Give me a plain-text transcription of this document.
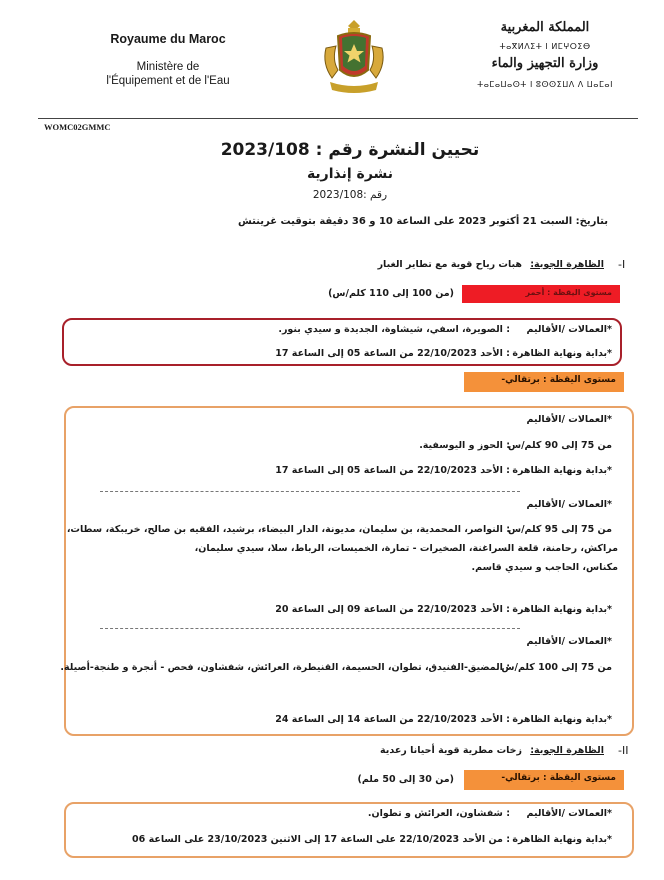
Royaume du Maroc
Ministère de
l'Équipement et de l'Eau
المملكة المغربية
ⵜⴰⴳⵍⴷⵉⵜ ⵏ ⵍⵎⵖⵔⵉⴱ
وزارة التجهيز والماء
ⵜⴰⵎⴰⵡⴰⵙⵜ ⵏ ⵓⵙⵙⵉⵡⴷ ⴷ ⵡⴰⵎⴰⵏ
WOMC02GMMC
تحيين النشرة رقم : 2023/108
نشرة إنذارية
رقم :2023/108
بتاريخ: السبت 21 أكتوبر 2023 على الساعة 10 و 36 دقيقة بتوقيت غرينتش
-I
الظاهرة الجوية:
هبات رياح قوية مع تطاير الغبار
مستوى اليقظة : أحمر
(من 100 إلى 110 كلم/س)
*العمالات /الأقاليم
: الصويرة، اسفي، شيشاوة، الجديدة و سيدي بنور.
*بداية ونهاية الظاهرة
: الأحد 22/10/2023 من الساعة 05 إلى الساعة 17
-مستوى اليقظة : برتقالي
*العمالات /الأقاليم
من 75 إلى 90 كلم/س
: الحوز و اليوسفية.
*بداية ونهاية الظاهرة
: الأحد 22/10/2023 من الساعة 05 إلى الساعة 17
*العمالات /الأقاليم
من 75 إلى 95 كلم/س
: النواصر، المحمدية، بن سليمان، مديونة، الدار البيضاء، برشيد، الفقيه بن صالح، خريبكة، سطات،
مراكش، رحامنة، قلعة السراغنة، الصخيرات - تمارة، الخميسات، الرباط، سلا، سيدي سليمان،
مكناس، الحاجب و سيدي قاسم.
*بداية ونهاية الظاهرة
: الأحد 22/10/2023 من الساعة 09 إلى الساعة 20
*العمالات /الأقاليم
من 75 إلى 100 كلم/س
: المضيق-الفنيدق، تطوان، الحسيمة، القنيطرة، العرائش، شفشاون، فحص - أنجرة و طنجة-أصيلة.
*بداية ونهاية الظاهرة
: الأحد 22/10/2023 من الساعة 14 إلى الساعة 24
-II
الظاهرة الجوية:
زخات مطرية قوية أحيانا رعدية
-مستوى اليقظة : برتقالي
(من 30 إلى 50 ملم)
*العمالات /الأقاليم
: شفشاون، العرائش و تطوان.
*بداية ونهاية الظاهرة
: من الأحد 22/10/2023 على الساعة 17 إلى الاثنين 23/10/2023 على الساعة 06
